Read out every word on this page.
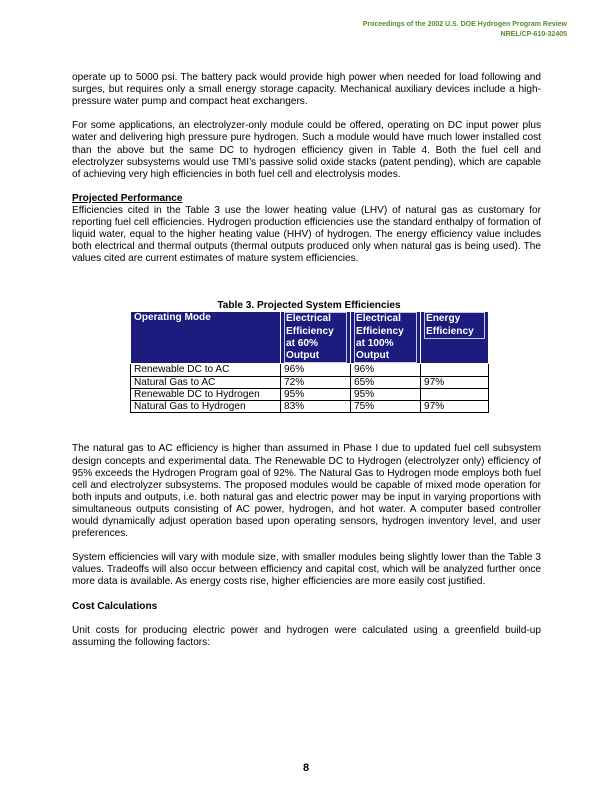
Proceedings of the 2002 U.S. DOE Hydrogen Program Review
NREL/CP-610-32405

operate up to 5000 psi. The battery pack would provide high power when needed for load following and surges, but requires only a small energy storage capacity. Mechanical auxiliary devices include a high-pressure water pump and compact heat exchangers.

For some applications, an electrolyzer-only module could be offered, operating on DC input power plus water and delivering high pressure pure hydrogen. Such a module would have much lower installed cost than the above but the same DC to hydrogen efficiency given in Table 4. Both the fuel cell and electrolyzer subsystems would use TMI’s passive solid oxide stacks (patent pending), which are capable of achieving very high efficiencies in both fuel cell and electrolysis modes.

Projected Performance

Efficiencies cited in the Table 3 use the lower heating value (LHV) of natural gas as customary for reporting fuel cell efficiencies. Hydrogen production efficiencies use the standard enthalpy of formation of liquid water, equal to the higher heating value (HHV) of hydrogen. The energy efficiency value includes both electrical and thermal outputs (thermal outputs produced only when natural gas is being used). The values cited are current estimates of mature system efficiencies.

Table 3. Projected System Efficiencies
Operating Mode	Electrical Efficiency at 60% Output	Electrical Efficiency at 100% Output	Energy Efficiency

Renewable DC to AC	96%	96%	
Natural Gas to AC	72%	65%	97%
Renewable DC to Hydrogen	95%	95%	
Natural Gas to Hydrogen	83%	75%	97%

The natural gas to AC efficiency is higher than assumed in Phase I due to updated fuel cell subsystem design concepts and experimental data. The Renewable DC to Hydrogen (electrolyzer only) efficiency of 95% exceeds the Hydrogen Program goal of 92%. The Natural Gas to Hydrogen mode employs both fuel cell and electrolyzer subsystems. The proposed modules would be capable of mixed mode operation for both inputs and outputs, i.e. both natural gas and electric power may be input in varying proportions with simultaneous outputs consisting of AC power, hydrogen, and hot water. A computer based controller would dynamically adjust operation based upon operating sensors, hydrogen inventory level, and user preferences.

System efficiencies will vary with module size, with smaller modules being slightly lower than the Table 3 values. Tradeoffs will also occur between efficiency and capital cost, which will be analyzed further once more data is available. As energy costs rise, higher efficiencies are more easily cost justified.

Cost Calculations

Unit costs for producing electric power and hydrogen were calculated using a greenfield build-up assuming the following factors:

8
